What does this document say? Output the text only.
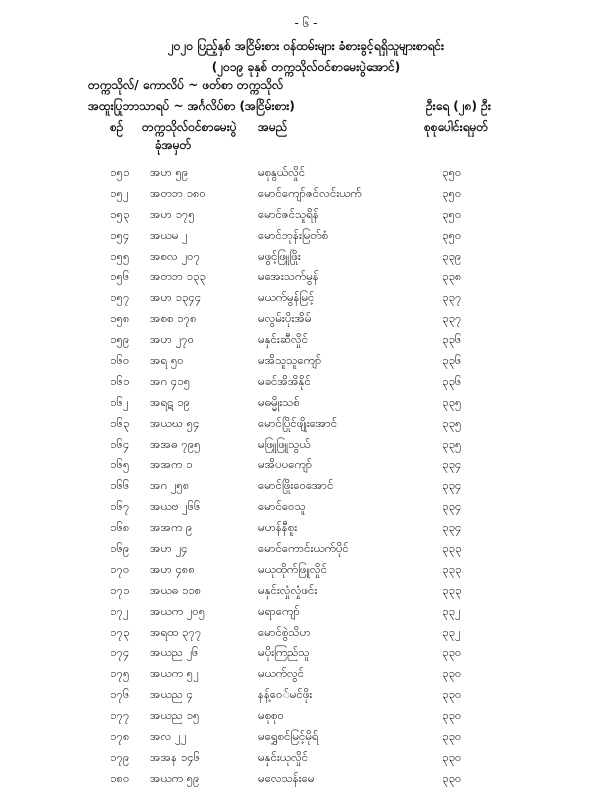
- ၆ -
၂၀၂၀ ပြည့်နှစ် အငြိမ်းစား ဝန်ထမ်းများ ခံစားခွင့်ရရှိသူများစာရင်း
(၂၀၁၉ ခုနှစ် တက္ကသိုလ်ဝင်စာမေးပွဲအောင်)
တက္ကသိုလ်/ ကောလိပ် ~ ဖတ်စာ တက္ကသိုလ်
အထူးပြုဘာသာရပ် ~ အင်္ဂလိပ်စာ (အငြိမ်းစား)	ဦးရေ (၂၈) ဦး
စဉ် တက္ကသိုလ်ဝင်စာမေးပွဲ အမည်	စုစုပေါင်းရမှတ်
ခုံအမှတ်
၁၅၁ အဟ ၅၉	မစုနွယ်လှိုင်	၃၅၀
၁၅၂ အတဘ ၁၈၀	မောင်ကျော်ဇင်လင်းယက်	၃၅၀
၁၅၃ အဟ ၁၇၅	မောင်ဇင်သူရိန်	၃၅၀
၁၅၄ အယမ ၂	မောင်ဘုန်းမြတ်စံ	၃၅၀
၁၅၅ အစလ ၂၀၇	မဖွင့်ဖြူဖြိုး	၃၃၉
၁၅၆ အတဘ ၁၃၃	မအေးသက်မွန်	၃၃၈
၁၅၇ အဟ ၁၃၄၄	မယက်မွန်မြင့်	၃၃၇
၁၅၈ အစစ ၁၇၈	မလွမ်းပိုးအိမ်	၃၃၇
၁၅၉ အဟ ၂၇၀	မနှင်းဆီလှိုင်	၃၃၆
၁၆၀ အရ ၅၀	မအိသူသူကျော်	၃၃၆
၁၆၁ အဂ ၄၁၅	မခင်အိအိနိုင်	၃၃၆
၁၆၂ အရဋ ၁၉	မဓမ္မိုးသစ်	၃၃၅
၁၆၃ အယဃ ၅၄	မောင်ပြိုင်ဖျိုးအောင်	၃၃၅
၁၆၄ အအဓ ၇၉၅	မဖြူဖြူသွယ်	၃၃၅
၁၆၅ အအက ၁	မအိပပကျော်	၃၃၄
၁၆၆ အဂ ၂၅၈	မောင်ဖြိုးဝေအောင်	၃၃၄
၁၆၇ အယဗ ၂၆၆	မောင်ဝေသူ	၃၃၄
၁၆၈ အအက ၉	မဟန်နီစူး	၃၃၄
၁၆၉ အဟ ၂၄	မောင်ကောင်းယက်ပိုင်	၃၃၃
၁၇၀ အဟ ၄၈၈	မယုထိုက်ဖြူလှိုင်	၃၃၃
၁၇၁ အယဓ ၁၁၈	မနှင်းလှုံလှုံဖင်း	၃၃၃
၁၇၂ အယက ၂၀၅	မရာကျော်	၃၃၂
၁၇၃ အရထ ၃၇၇	မောင်စွဲသိဟ	၃၃၂
၁၇၄ အယည ၂၆	မပိုးကြည်သူ	၃၃၀
၁၇၅ အယက ၅၂	မယက်လွင်	၃၃၀
၁၇၆ အယည ၄	နန့်ဝေ်မင်ဖိုး	၃၃၀
၁၇၇ အယည ၁၅	မစုစုဝ	၃၃၀
၁၇၈ အလ ၂၂	မရွှေစင်မြင့်မိုရ်	၃၃၀
၁၇၉ အအန ၁၄၆	မနှင်းယုလှိုင်	၃၃၀
၁၈၀ အယက ၅၉	မလေသန်းမေ	၃၃၀
